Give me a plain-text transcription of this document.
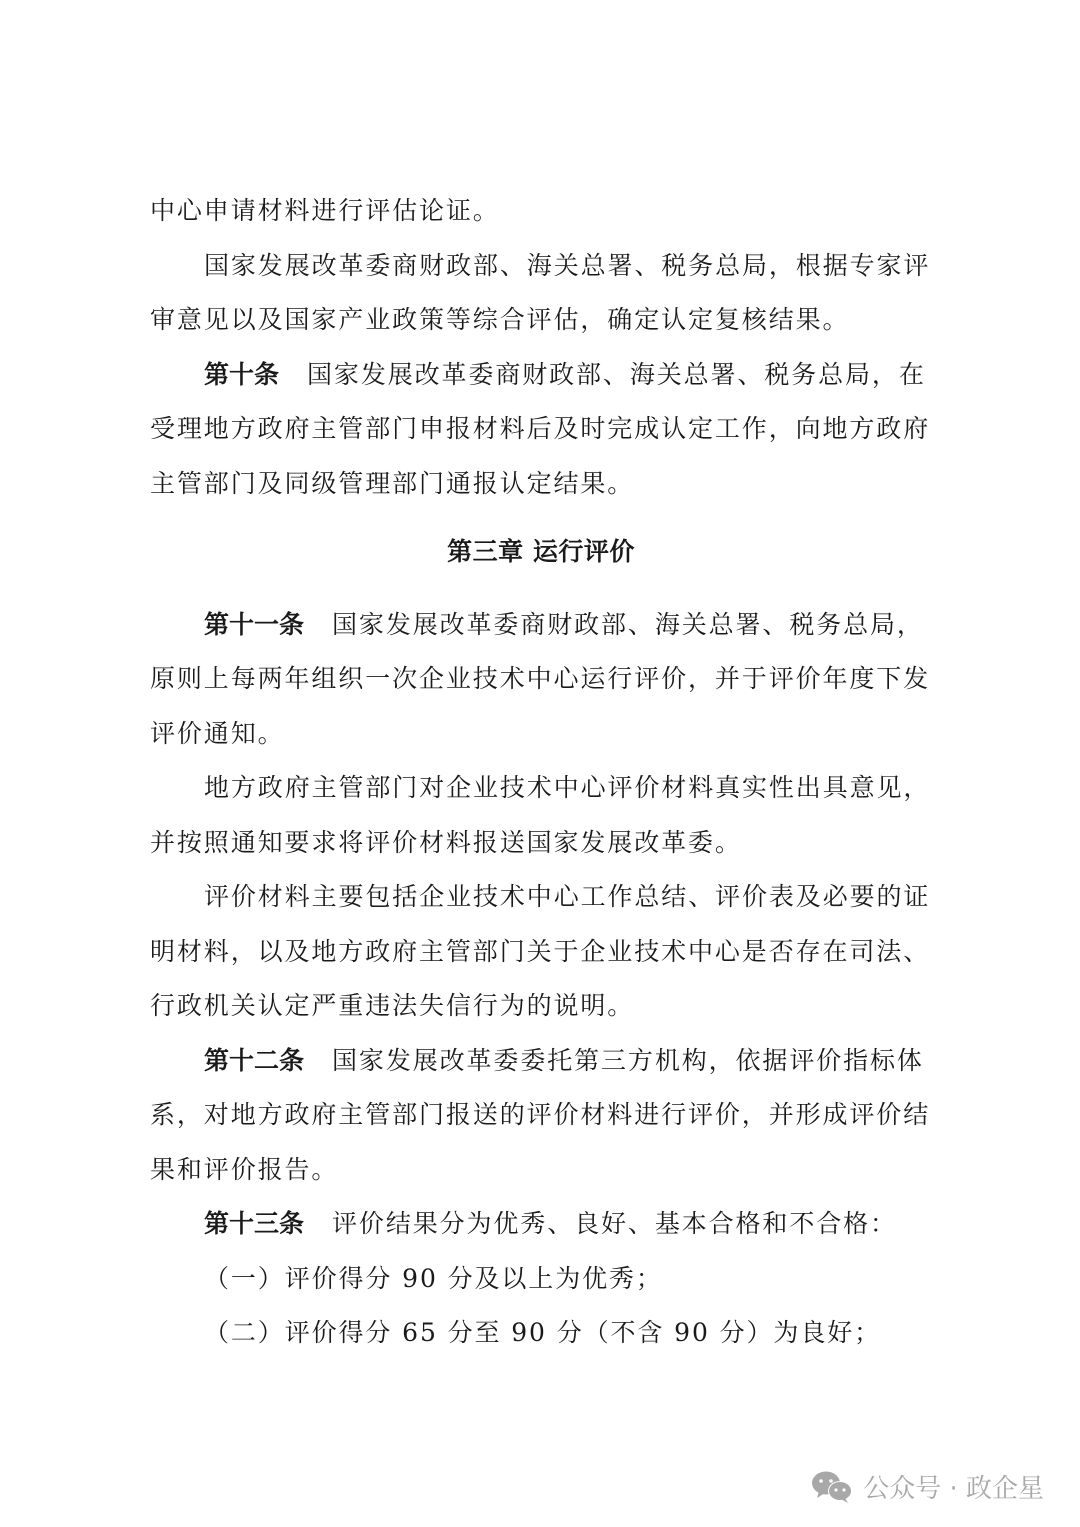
中心申请材料进行评估论证。
国家发展改革委商财政部、海关总署、税务总局，根据专家评
审意见以及国家产业政策等综合评估，确定认定复核结果。
第十条 国家发展改革委商财政部、海关总署、税务总局，在
受理地方政府主管部门申报材料后及时完成认定工作，向地方政府
主管部门及同级管理部门通报认定结果。
第三章 运行评价
第十一条 国家发展改革委商财政部、海关总署、税务总局，
原则上每两年组织一次企业技术中心运行评价，并于评价年度下发
评价通知。
地方政府主管部门对企业技术中心评价材料真实性出具意见，
并按照通知要求将评价材料报送国家发展改革委。
评价材料主要包括企业技术中心工作总结、评价表及必要的证
明材料，以及地方政府主管部门关于企业技术中心是否存在司法、
行政机关认定严重违法失信行为的说明。
第十二条 国家发展改革委委托第三方机构，依据评价指标体
系，对地方政府主管部门报送的评价材料进行评价，并形成评价结
果和评价报告。
第十三条 评价结果分为优秀、良好、基本合格和不合格：
（一）评价得分 90 分及以上为优秀；
（二）评价得分 65 分至 90 分（不含 90 分）为良好；
公众号 · 政企星
